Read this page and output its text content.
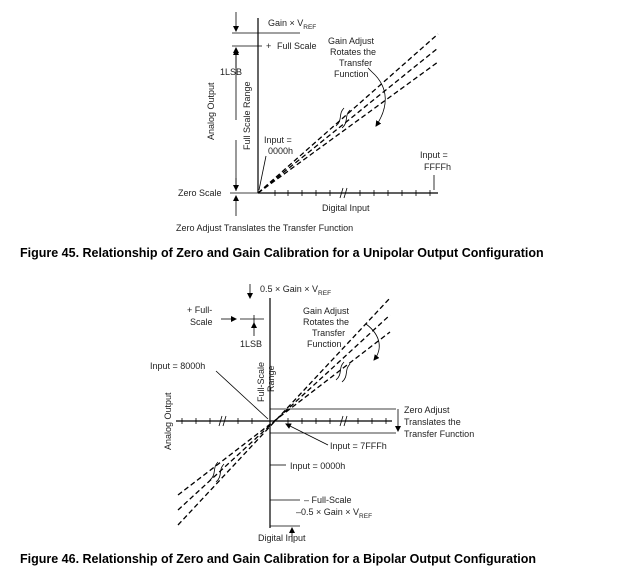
+
Gain × $V_{REF}$
Full Scale Gain Adjust
Rotates the
Transfer
Function
1LSB
Analog Output	Full Scale Range Input =
0000h	Input =
FFFFh
Zero Scale
Digital Input
Zero Adjust Translates the Transfer Function
Figure 45. Relationship of Zero and Gain Calibration for a Unipolar Output Configuration
0.5 × Gain × $V_{REF}$
+ Full-
Scale
1LSB
Gain Adjust
Rotates the
Transfer
Function
Input = 8000h	Full-Scale Range
Analog Output	Zero Adjust
Translates the
Transfer Function
Input = 7FFFh
Input = 0000h
– Full-Scale
–0.5 × Gain × $V_{REF}$
Digital Input
Figure 46. Relationship of Zero and Gain Calibration for a Bipolar Output Configuration
